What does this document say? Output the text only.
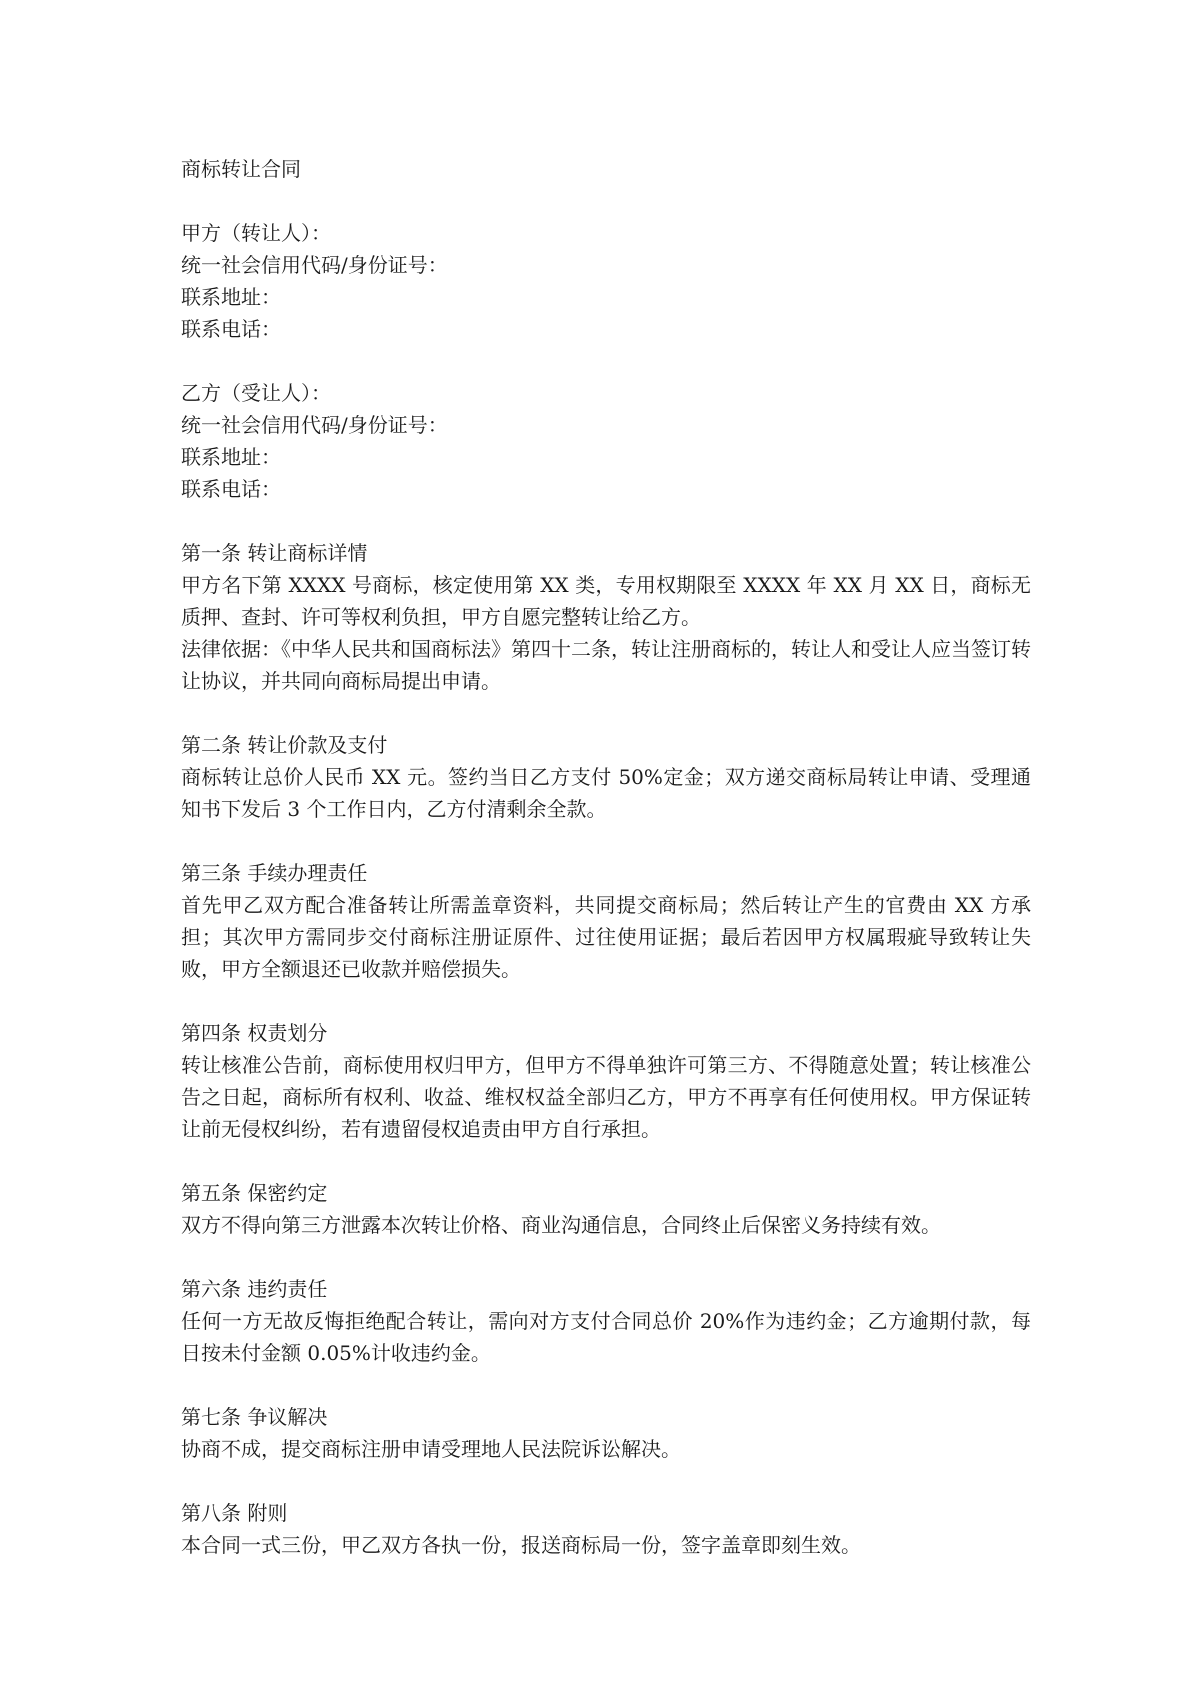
商标转让合同
甲方（转让人）：
统一社会信用代码/身份证号：
联系地址：
联系电话：
乙方（受让人）：
统一社会信用代码/身份证号：
联系地址：
联系电话：
第一条 转让商标详情

甲方名下第 XXXX 号商标，核定使用第 XX 类，专用权期限至 XXXX 年 XX 月 XX 日，商标无质押、查封、许可等权利负担，甲方自愿完整转让给乙方。

法律依据：《中华人民共和国商标法》第四十二条，转让注册商标的，转让人和受让人应当签订转让协议，并共同向商标局提出申请。

第二条 转让价款及支付

商标转让总价人民币 XX 元。签约当日乙方支付 50%定金；双方递交商标局转让申请、受理通知书下发后 3 个工作日内，乙方付清剩余全款。

第三条 手续办理责任

首先甲乙双方配合准备转让所需盖章资料，共同提交商标局；然后转让产生的官费由 XX 方承担；其次甲方需同步交付商标注册证原件、过往使用证据；最后若因甲方权属瑕疵导致转让失败，甲方全额退还已收款并赔偿损失。

第四条 权责划分

转让核准公告前，商标使用权归甲方，但甲方不得单独许可第三方、不得随意处置；转让核准公告之日起，商标所有权利、收益、维权权益全部归乙方，甲方不再享有任何使用权。甲方保证转让前无侵权纠纷，若有遗留侵权追责由甲方自行承担。

第五条 保密约定

双方不得向第三方泄露本次转让价格、商业沟通信息，合同终止后保密义务持续有效。

第六条 违约责任

任何一方无故反悔拒绝配合转让，需向对方支付合同总价 20%作为违约金；乙方逾期付款，每日按未付金额 0.05%计收违约金。

第七条 争议解决

协商不成，提交商标注册申请受理地人民法院诉讼解决。

第八条 附则

本合同一式三份，甲乙双方各执一份，报送商标局一份，签字盖章即刻生效。
